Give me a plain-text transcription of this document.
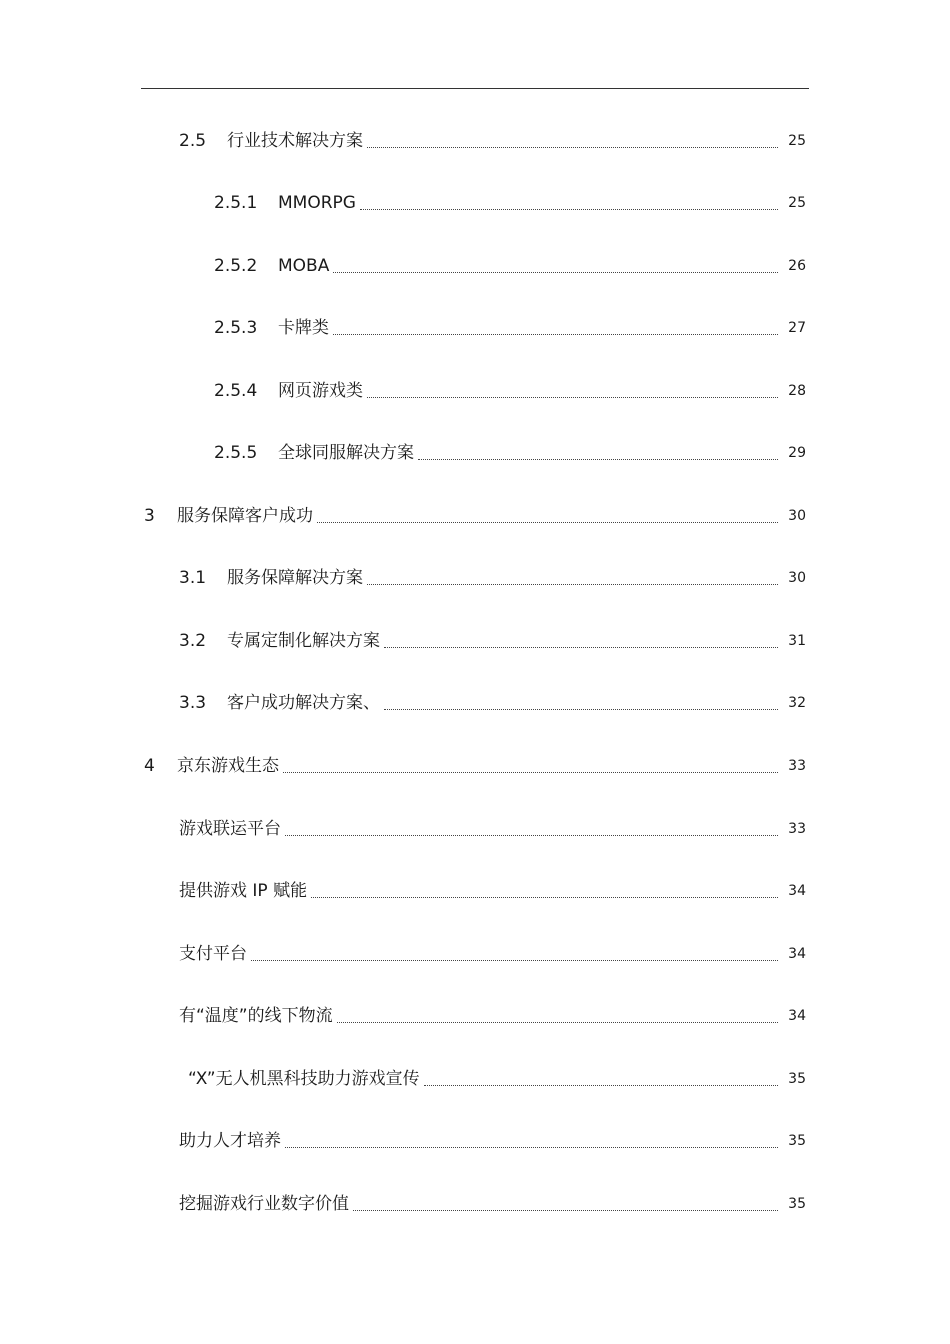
2.5 行业技术解决方案	25
2.5.1 MMORPG	25
2.5.2 MOBA	26
2.5.3 卡牌类	27
2.5.4 网页游戏类	28
2.5.5 全球同服解决方案	29
3 服务保障客户成功	30
3.1 服务保障解决方案	30
3.2 专属定制化解决方案	31
3.3 客户成功解决方案、	32
4 京东游戏生态	33
游戏联运平台	33
提供游戏 IP 赋能	34
支付平台	34
有“温度”的线下物流	34
“X”无人机黑科技助力游戏宣传	35
助力人才培养	35
挖掘游戏行业数字价值	35
